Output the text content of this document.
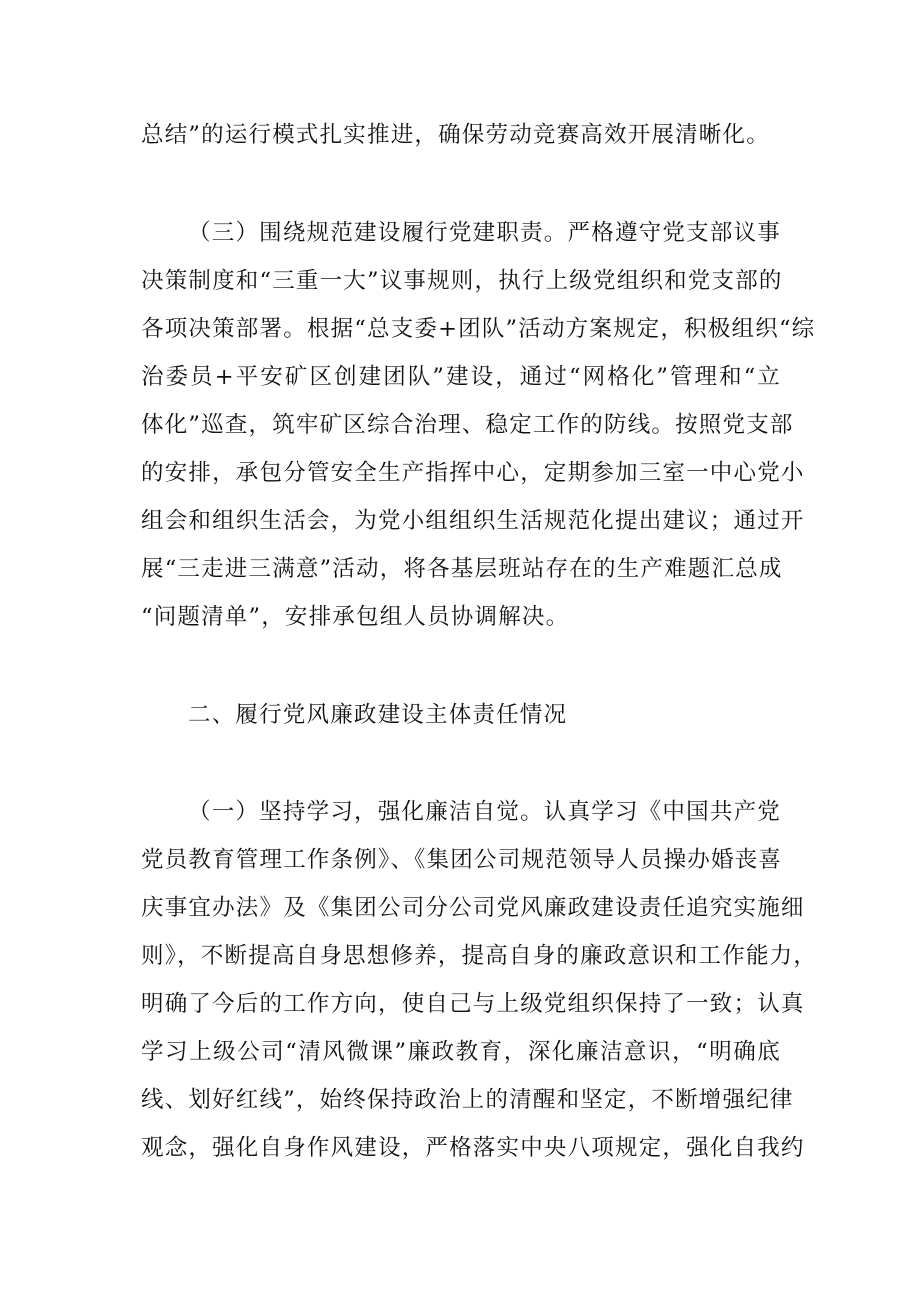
总结”的运行模式扎实推进，确保劳动竞赛高效开展清晰化。
（三）围绕规范建设履行党建职责。严格遵守党支部议事
决策制度和“三重一大”议事规则，执行上级党组织和党支部的
各项决策部署。根据“总支委+团队”活动方案规定，积极组织“综
治委员+平安矿区创建团队”建设，通过“网格化”管理和“立
体化”巡查，筑牢矿区综合治理、稳定工作的防线。按照党支部
的安排，承包分管安全生产指挥中心，定期参加三室一中心党小
组会和组织生活会，为党小组组织生活规范化提出建议；通过开
展“三走进三满意”活动，将各基层班站存在的生产难题汇总成
“问题清单”，安排承包组人员协调解决。
二、履行党风廉政建设主体责任情况
（一）坚持学习，强化廉洁自觉。认真学习《中国共产党
党员教育管理工作条例》、《集团公司规范领导人员操办婚丧喜
庆事宜办法》及《集团公司分公司党风廉政建设责任追究实施细
则》，不断提高自身思想修养，提高自身的廉政意识和工作能力，
明确了今后的工作方向，使自己与上级党组织保持了一致；认真
学习上级公司“清风微课”廉政教育，深化廉洁意识，“明确底
线、划好红线”，始终保持政治上的清醒和坚定，不断增强纪律
观念，强化自身作风建设，严格落实中央八项规定，强化自我约
